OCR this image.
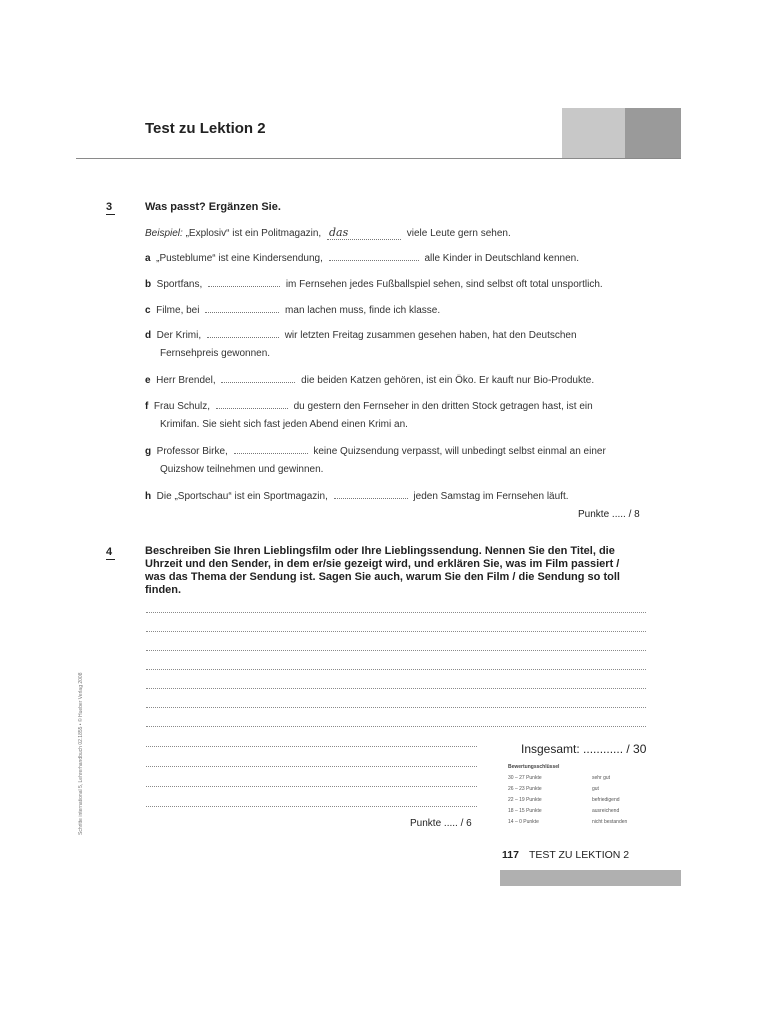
Test zu Lektion 2
3	Was passt? Ergänzen Sie.
Beispiel: „Explosiv“ ist ein Politmagazin, das	viele Leute gern sehen.
a „Pusteblume“ ist eine Kindersendung,	alle Kinder in Deutschland kennen.
b Sportfans,	im Fernsehen jedes Fußballspiel sehen, sind selbst oft total unsportlich.
c Filme, bei	man lachen muss, finde ich klasse.
d Der Krimi,	wir letzten Freitag zusammen gesehen haben, hat den Deutschen
Fernsehpreis gewonnen.
e Herr Brendel,	die beiden Katzen gehören, ist ein Öko. Er kauft nur Bio-Produkte.
f Frau Schulz,	du gestern den Fernseher in den dritten Stock getragen hast, ist ein
Krimifan. Sie sieht sich fast jeden Abend einen Krimi an.
g Professor Birke,	keine Quizsendung verpasst, will unbedingt selbst einmal an einer
Quizshow teilnehmen und gewinnen.
h Die „Sportschau“ ist ein Sportmagazin,	jeden Samstag im Fernsehen läuft.
Punkte ..... / 8
4	Beschreiben Sie Ihren Lieblingsfilm oder Ihre Lieblingssendung. Nennen Sie den Titel, die Uhrzeit und den Sender, in dem er/sie gezeigt wird, und erklären Sie, was im Film passiert / was das Thema der Sendung ist. Sagen Sie auch, warum Sie den Film / die Sendung so toll finden.
Punkte ..... / 6
Insgesamt: ............ / 30
Bewertungsschlüssel
30 – 27 Punkte	sehr gut
26 – 23 Punkte	gut
22 – 19 Punkte	befriedigend
18 – 15 Punkte	ausreichend
14 – 0 Punkte	nicht bestanden
Schritte international 5, Lehrerhandbuch 02.1855 • © Hueber Verlag 2008
117 TEST ZU LEKTION 2
